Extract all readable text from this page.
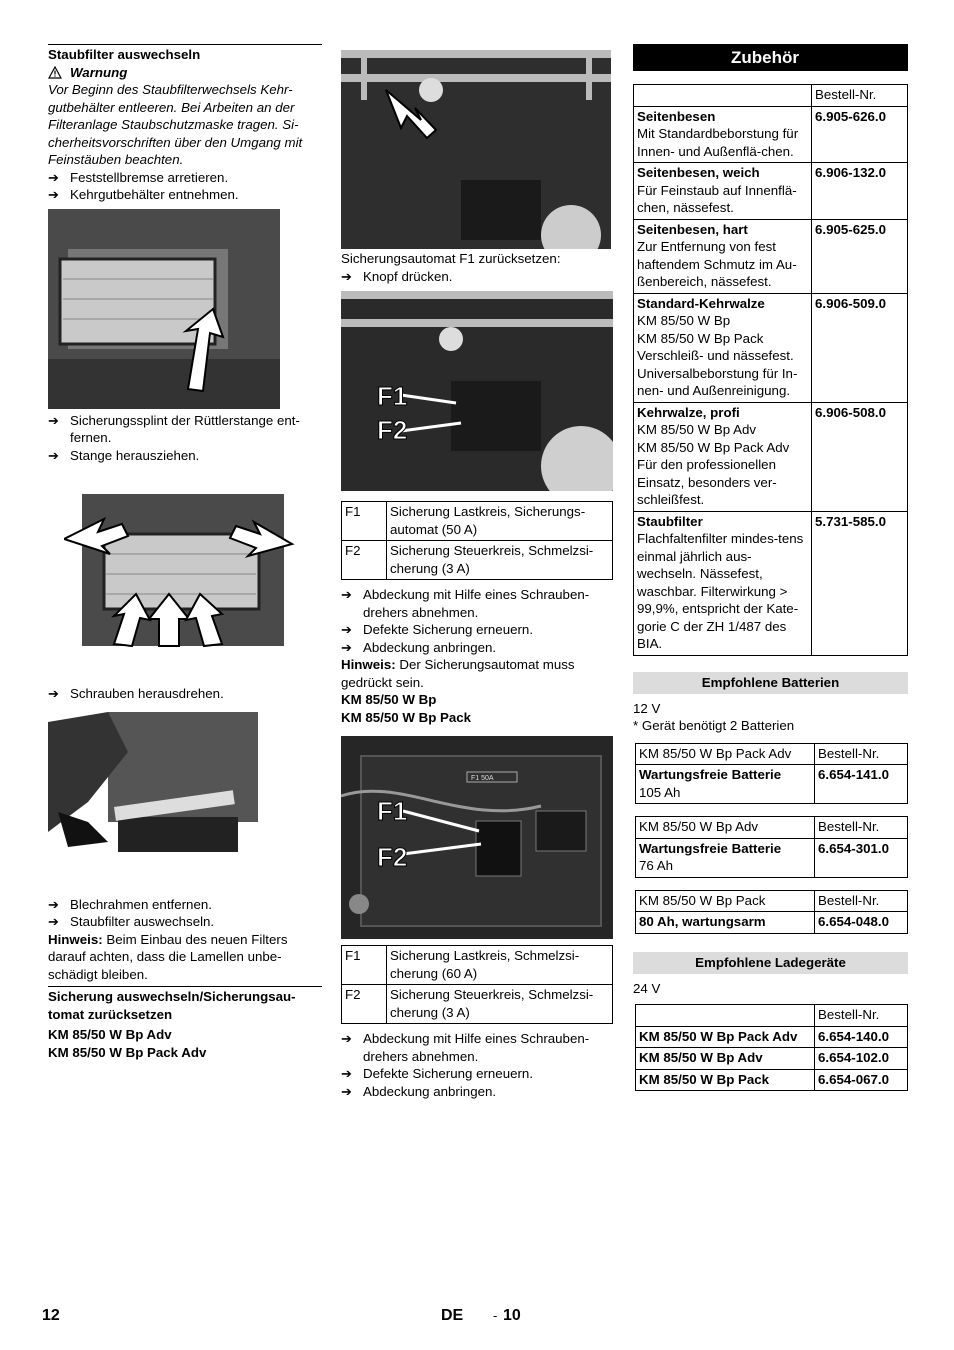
Staubfilter auswechseln
Warnung
Vor Beginn des Staubfilterwechsels Kehr-gutbehälter entleeren. Bei Arbeiten an der Filteranlage Staubschutzmaske tragen. Si-cherheitsvorschriften über den Umgang mit Feinstäuben beachten.
➔ Feststellbremse arretieren.
➔ Kehrgutbehälter entnehmen.
➔ Sicherungssplint der Rüttlerstange ent-fernen.
➔ Stange herausziehen.
➔ Schrauben herausdrehen.
➔ Blechrahmen entfernen.
➔ Staubfilter auswechseln.
Hinweis: Beim Einbau des neuen Filters darauf achten, dass die Lamellen unbe-schädigt bleiben.
Sicherung auswechseln/Sicherungsau-tomat zurücksetzen
KM 85/50 W Bp Adv
KM 85/50 W Bp Pack Adv
Sicherungsautomat F1 zurücksetzen:
➔ Knopf drücken.
F1
F2
F1	Sicherung Lastkreis, Sicherungs-automat (50 A)
F2	Sicherung Steuerkreis, Schmelzsi-cherung (3 A)
➔ Abdeckung mit Hilfe eines Schrauben-drehers abnehmen.
➔ Defekte Sicherung erneuern.
➔ Abdeckung anbringen.
Hinweis: Der Sicherungsautomat muss gedrückt sein.
KM 85/50 W Bp
KM 85/50 W Bp Pack
F1 50A
F1
F2
F1	Sicherung Lastkreis, Schmelzsi-cherung (60 A)
F2	Sicherung Steuerkreis, Schmelzsi-cherung (3 A)
➔ Abdeckung mit Hilfe eines Schrauben-drehers abnehmen.
➔ Defekte Sicherung erneuern.
➔ Abdeckung anbringen.
Zubehör
	Bestell-Nr.

Seitenbesen
Mit Standardbeborstung für Innen- und Außenflä-chen.	6.905-626.0

Seitenbesen, weich
Für Feinstaub auf Innenflä-chen, nässefest.	6.906-132.0

Seitenbesen, hart
Zur Entfernung von fest haftendem Schmutz im Au-ßenbereich, nässefest.	6.905-625.0

Standard-Kehrwalze
KM 85/50 W Bp
KM 85/50 W Bp Pack
Verschleiß- und nässefest. Universalbeborstung für In-nen- und Außenreinigung.	6.906-509.0

Kehrwalze, profi
KM 85/50 W Bp Adv
KM 85/50 W Bp Pack Adv
Für den professionellen Einsatz, besonders ver-schleißfest.	6.906-508.0

Staubfilter
Flachfaltenfilter mindes-tens einmal jährlich aus-wechseln. Nässefest, waschbar. Filterwirkung > 99,9%, entspricht der Kate-gorie C der ZH 1/487 des BIA.	5.731-585.0
Empfohlene Batterien
12 V
* Gerät benötigt 2 Batterien
KM 85/50 W Bp Pack Adv	Bestell-Nr.

Wartungsfreie Batterie
105 Ah	6.654-141.0
KM 85/50 W Bp Adv	Bestell-Nr.

Wartungsfreie Batterie
76 Ah	6.654-301.0
KM 85/50 W Bp Pack	Bestell-Nr.

80 Ah, wartungsarm	6.654-048.0
Empfohlene Ladegeräte
24 V
	Bestell-Nr.
KM 85/50 W Bp Pack Adv	6.654-140.0
KM 85/50 W Bp Adv	6.654-102.0
KM 85/50 W Bp Pack	6.654-067.0
12	DE - 10
